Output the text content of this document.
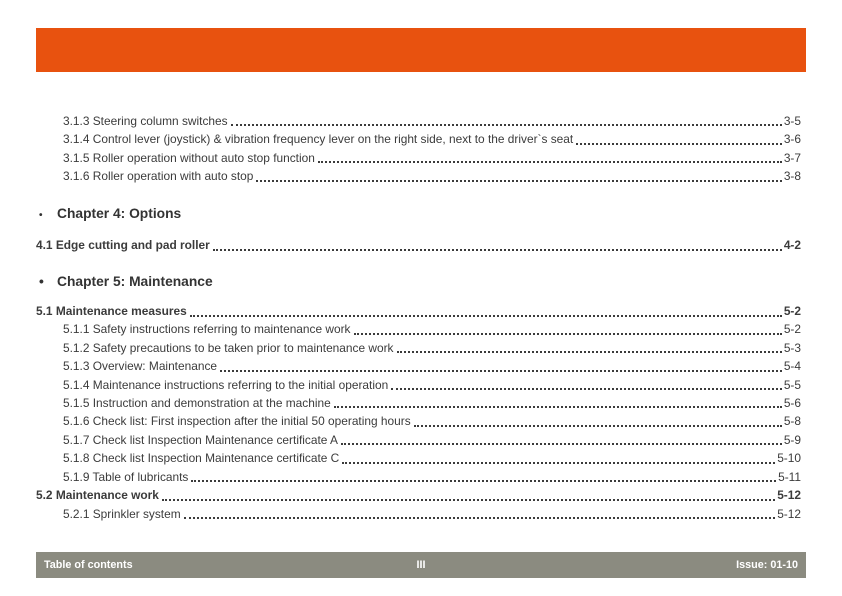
3.1.3 Steering column switches	3-5
3.1.4 Control lever (joystick) & vibration frequency lever on the right side, next to the driver`s seat	3-6
3.1.5 Roller operation without auto stop function	3-7
3.1.6 Roller operation with auto stop	3-8
•	Chapter 4: Options
4.1 Edge cutting and pad roller	4-2
• Chapter 5: Maintenance
5.1 Maintenance measures	5-2
5.1.1 Safety instructions referring to maintenance work	5-2
5.1.2 Safety precautions to be taken prior to maintenance work	5-3
5.1.3 Overview: Maintenance	5-4
5.1.4 Maintenance instructions referring to the initial operation	5-5
5.1.5 Instruction and demonstration at the machine	5-6
5.1.6 Check list: First inspection after the initial 50 operating hours	5-8
5.1.7 Check list Inspection Maintenance certificate A	5-9
5.1.8 Check list Inspection Maintenance certificate C	5-10
5.1.9 Table of lubricants	5-11
5.2 Maintenance work	5-12
5.2.1 Sprinkler system	5-12
Table of contents	III	Issue: 01-10
